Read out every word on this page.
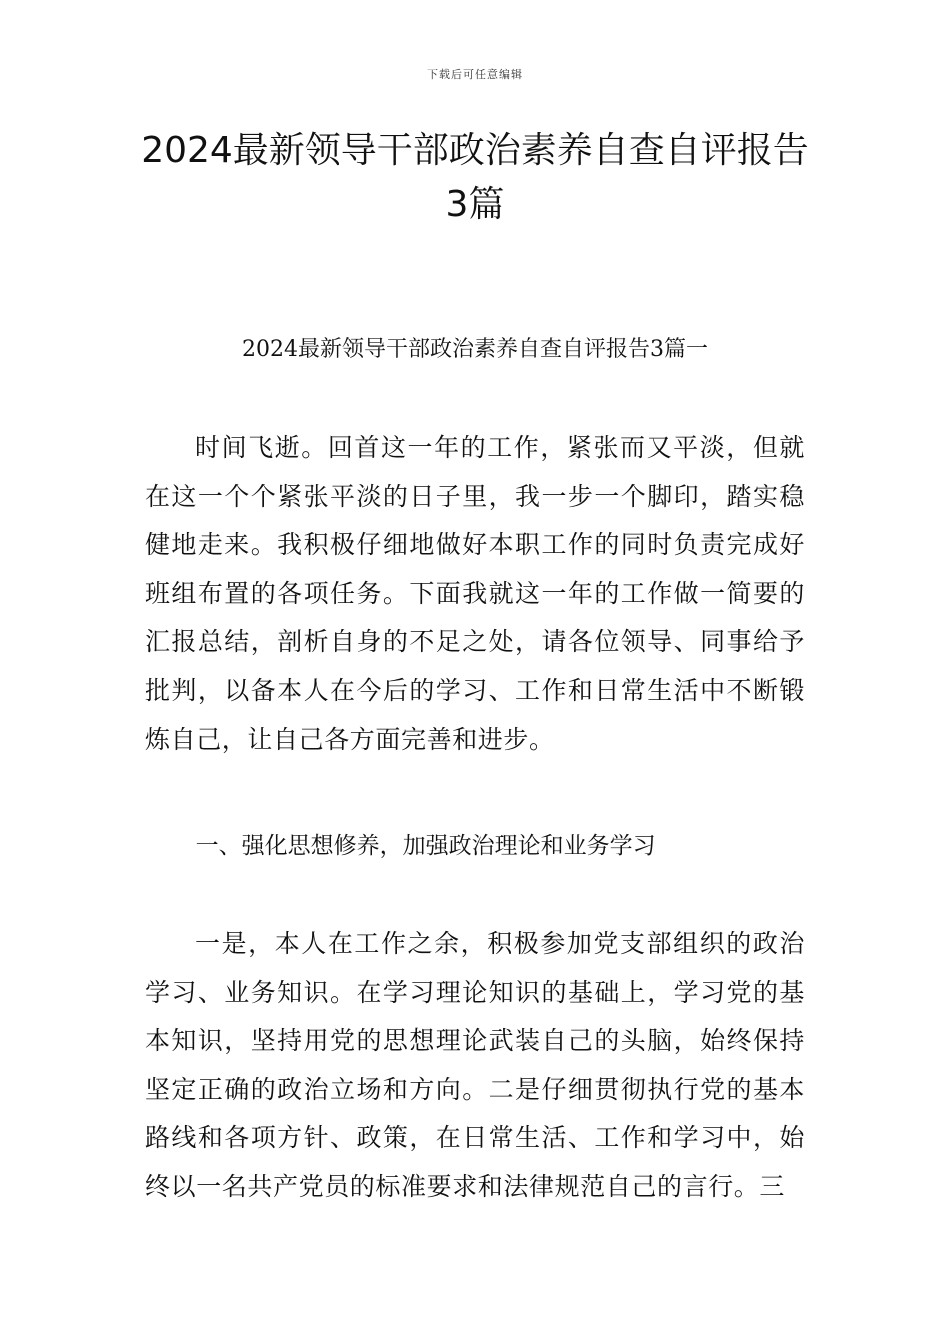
下载后可任意编辑
2024最新领导干部政治素养自查自评报告
3篇

2024最新领导干部政治素养自查自评报告3篇一

时间飞逝。回首这一年的工作，紧张而又平淡，但就在这一个个紧张平淡的日子里，我一步一个脚印，踏实稳健地走来。我积极仔细地做好本职工作的同时负责完成好班组布置的各项任务。下面我就这一年的工作做一简要的汇报总结，剖析自身的不足之处，请各位领导、同事给予批判，以备本人在今后的学习、工作和日常生活中不断锻炼自己，让自己各方面完善和进步。

一、强化思想修养，加强政治理论和业务学习

一是，本人在工作之余，积极参加党支部组织的政治学习、业务知识。在学习理论知识的基础上，学习党的基本知识，坚持用党的思想理论武装自己的头脑，始终保持坚定正确的政治立场和方向。二是仔细贯彻执行党的基本路线和各项方针、政策，在日常生活、工作和学习中，始终以一名共产党员的标准要求和法律规范自己的言行。三
